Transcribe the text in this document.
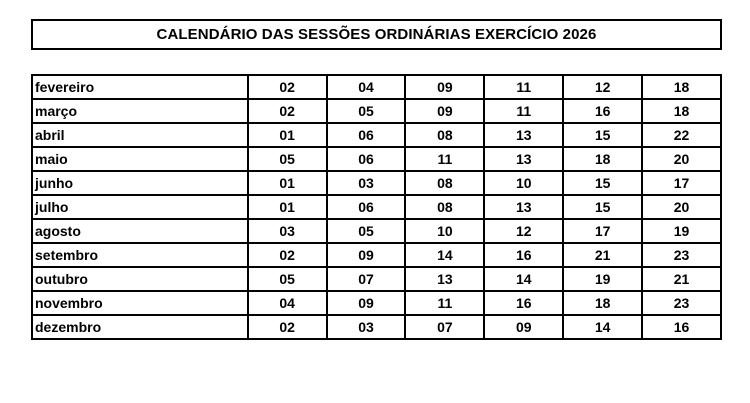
CALENDÁRIO DAS SESSÕES ORDINÁRIAS EXERCÍCIO 2026
fevereiro	02	04	09	11	12	18
março	02	05	09	11	16	18
abril	01	06	08	13	15	22
maio	05	06	11	13	18	20
junho	01	03	08	10	15	17
julho	01	06	08	13	15	20
agosto	03	05	10	12	17	19
setembro	02	09	14	16	21	23
outubro	05	07	13	14	19	21
novembro	04	09	11	16	18	23
dezembro	02	03	07	09	14	16
